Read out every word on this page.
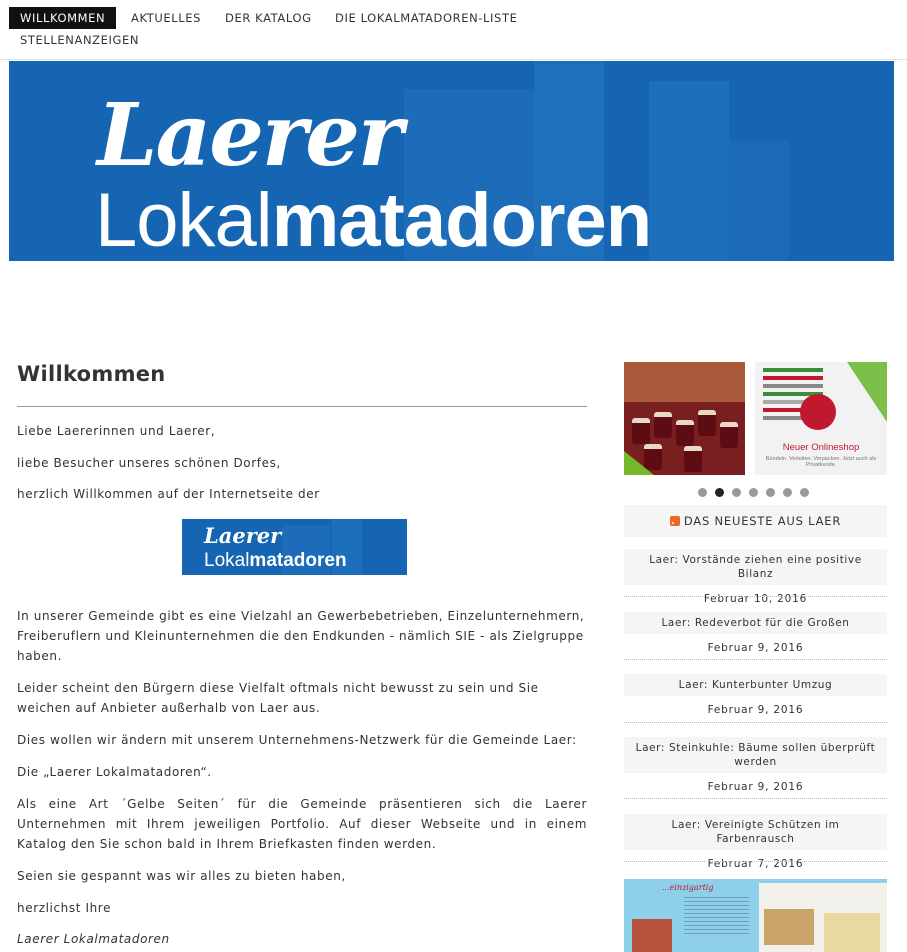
WILLKOMMEN	AKTUELLES	DER KATALOG	DIE LOKALMATADOREN-LISTE
STELLENANZEIGEN
Laerer
Lokalmatadoren
Willkommen

Liebe Laererinnen und Laerer,

liebe Besucher unseres schönen Dorfes,

herzlich Willkommen auf der Internetseite der

Laerer
Lokalmatadoren

In unserer Gemeinde gibt es eine Vielzahl an Gewerbebetrieben, Einzelunternehmern, Freiberuflern und Kleinunternehmen die den Endkunden - nämlich SIE - als Zielgruppe haben.

Leider scheint den Bürgern diese Vielfalt oftmals nicht bewusst zu sein und Sie weichen auf Anbieter außerhalb von Laer aus.

Dies wollen wir ändern mit unserem Unternehmens-Netzwerk für die Gemeinde Laer:

Die „Laerer Lokalmatadoren“.

Als eine Art ´Gelbe Seiten´ für die Gemeinde präsentieren sich die Laerer Unternehmen mit Ihrem jeweiligen Portfolio. Auf dieser Webseite und in einem Katalog den Sie schon bald in Ihrem Briefkasten finden werden.

Seien sie gespannt was wir alles zu bieten haben,

herzlichst Ihre

Laerer Lokalmatadoren

Neuer Onlineshop
Bündeln. Verteilen. Verpacken. Jetzt auch als Privatkunde.
DAS NEUESTE AUS LAER
Laer: Vorstände ziehen eine positive Bilanz
Februar 10, 2016
Laer: Redeverbot für die Großen
Februar 9, 2016
Laer: Kunterbunter Umzug
Februar 9, 2016
Laer: Steinkuhle: Bäume sollen überprüft werden
Februar 9, 2016
Laer: Vereinigte Schützen im Farbenrausch
Februar 7, 2016
...einzigartig
